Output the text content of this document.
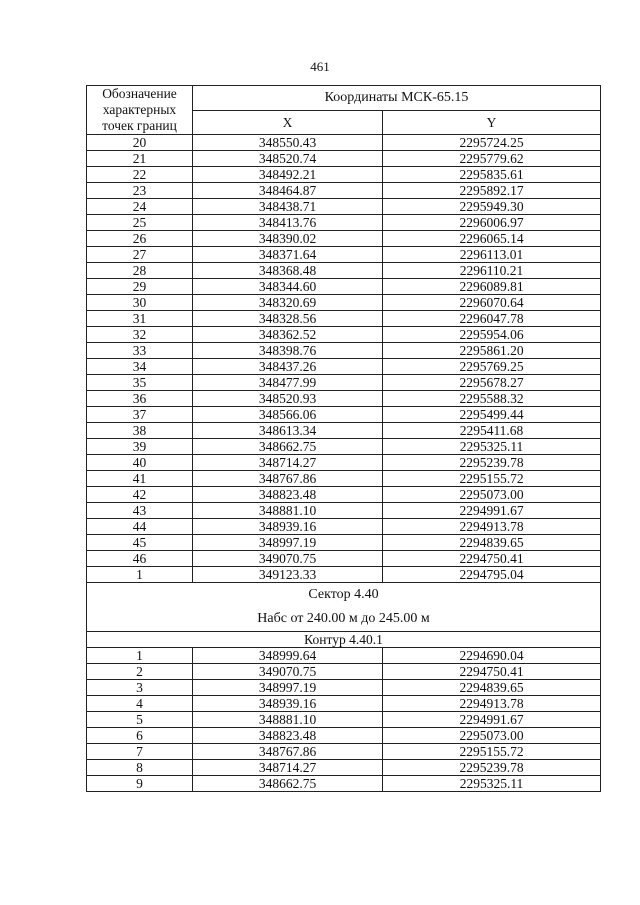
461
Обозначение характерных точек границ	Координаты МСК-65.15	
	X	Y
20	348550.43	2295724.25
21	348520.74	2295779.62
22	348492.21	2295835.61
23	348464.87	2295892.17
24	348438.71	2295949.30
25	348413.76	2296006.97
26	348390.02	2296065.14
27	348371.64	2296113.01
28	348368.48	2296110.21
29	348344.60	2296089.81
30	348320.69	2296070.64
31	348328.56	2296047.78
32	348362.52	2295954.06
33	348398.76	2295861.20
34	348437.26	2295769.25
35	348477.99	2295678.27
36	348520.93	2295588.32
37	348566.06	2295499.44
38	348613.34	2295411.68
39	348662.75	2295325.11
40	348714.27	2295239.78
41	348767.86	2295155.72
42	348823.48	2295073.00
43	348881.10	2294991.67
44	348939.16	2294913.78
45	348997.19	2294839.65
46	349070.75	2294750.41
1	349123.33	2294795.04

Сектор 4.40
Набс от 240.00 м до 245.00 м		

Контур 4.40.1		
1	348999.64	2294690.04
2	349070.75	2294750.41
3	348997.19	2294839.65
4	348939.16	2294913.78
5	348881.10	2294991.67
6	348823.48	2295073.00
7	348767.86	2295155.72
8	348714.27	2295239.78
9	348662.75	2295325.11
